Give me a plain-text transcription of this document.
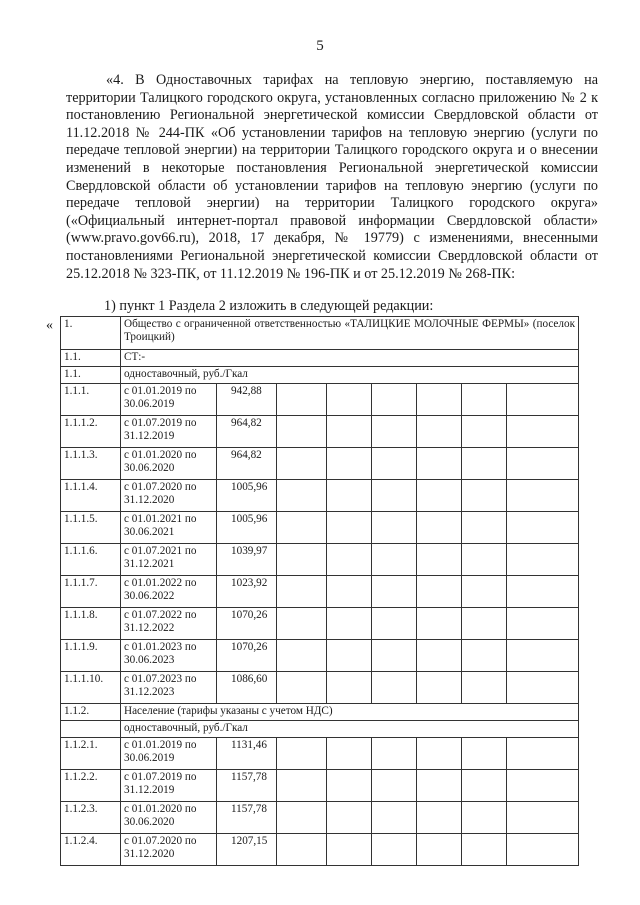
5

«4. В Одноставочных тарифах на тепловую энергию, поставляемую на территории Талицкого городского округа, установленных согласно приложению № 2 к постановлению Региональной энергетической комиссии Свердловской области от 11.12.2018 № 244-ПК «Об установлении тарифов на тепловую энергию (услуги по передаче тепловой энергии) на территории Талицкого городского округа и о внесении изменений в некоторые постановления Региональной энергетической комиссии Свердловской области об установлении тарифов на тепловую энергию (услуги по передаче тепловой энергии) на территории Талицкого городского округа» («Официальный интернет-портал правовой информации Свердловской области» (www.pravo.gov66.ru), 2018, 17 декабря, № 19779) с изменениями, внесенными постановлениями Региональной энергетической комиссии Свердловской области от 25.12.2018 № 323-ПК, от 11.12.2019 № 196-ПК и от 25.12.2019 № 268-ПК:

1) пункт 1 Раздела 2 изложить в следующей редакции:
« 1.	Общество с ограниченной ответственностью «ТАЛИЦКИЕ МОЛОЧНЫЕ ФЕРМЫ» (поселок Троицкий)							
1.1.	СТ:-							
1.1.	одноставочный, руб./Гкал							
1.1.1.	с 01.01.2019 по 30.06.2019	942,88						
1.1.1.2.	с 01.07.2019 по 31.12.2019	964,82						
1.1.1.3.	с 01.01.2020 по 30.06.2020	964,82						
1.1.1.4.	с 01.07.2020 по 31.12.2020	1005,96						
1.1.1.5.	с 01.01.2021 по 30.06.2021	1005,96						
1.1.1.6.	с 01.07.2021 по 31.12.2021	1039,97						
1.1.1.7.	с 01.01.2022 по 30.06.2022	1023,92						
1.1.1.8.	с 01.07.2022 по 31.12.2022	1070,26						
1.1.1.9.	с 01.01.2023 по 30.06.2023	1070,26						
1.1.1.10.	с 01.07.2023 по 31.12.2023	1086,60						
1.1.2.	Население (тарифы указаны с учетом НДС)							
	одноставочный, руб./Гкал							
1.1.2.1.	с 01.01.2019 по 30.06.2019	1131,46						
1.1.2.2.	с 01.07.2019 по 31.12.2019	1157,78						
1.1.2.3.	с 01.01.2020 по 30.06.2020	1157,78						
1.1.2.4.	с 01.07.2020 по 31.12.2020	1207,15						
